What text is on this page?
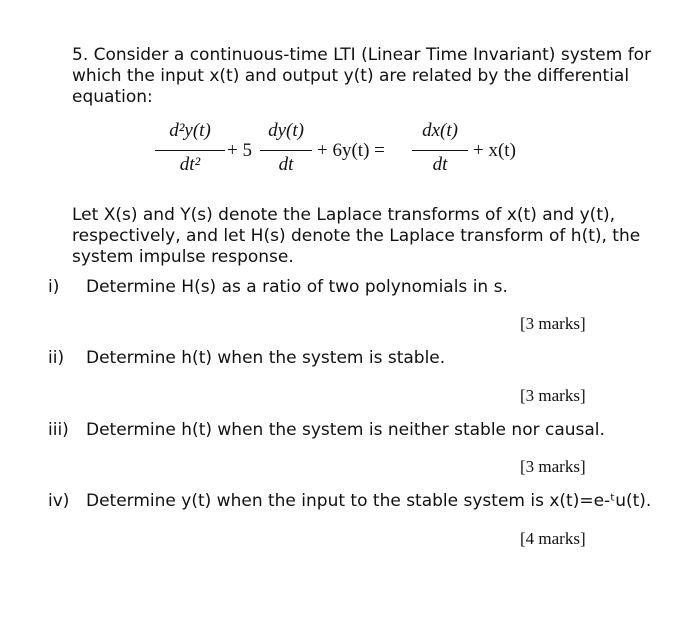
5. Consider a continuous-time LTI (Linear Time Invariant) system for
which the input x(t) and output y(t) are related by the differential
equation:
d²y(t)
dt²
+ 5
dy(t)
dt
+ 6y(t) =
dx(t)
dt
+ x(t)
Let X(s) and Y(s) denote the Laplace transforms of x(t) and y(t),
respectively, and let H(s) denote the Laplace transform of h(t), the
system impulse response.
i) Determine H(s) as a ratio of two polynomials in s.
[3 marks]
ii) Determine h(t) when the system is stable.
[3 marks]
iii) Determine h(t) when the system is neither stable nor causal.
[3 marks]
iv) Determine y(t) when the input to the stable system is x(t)=e-ᵗu(t).
[4 marks]
